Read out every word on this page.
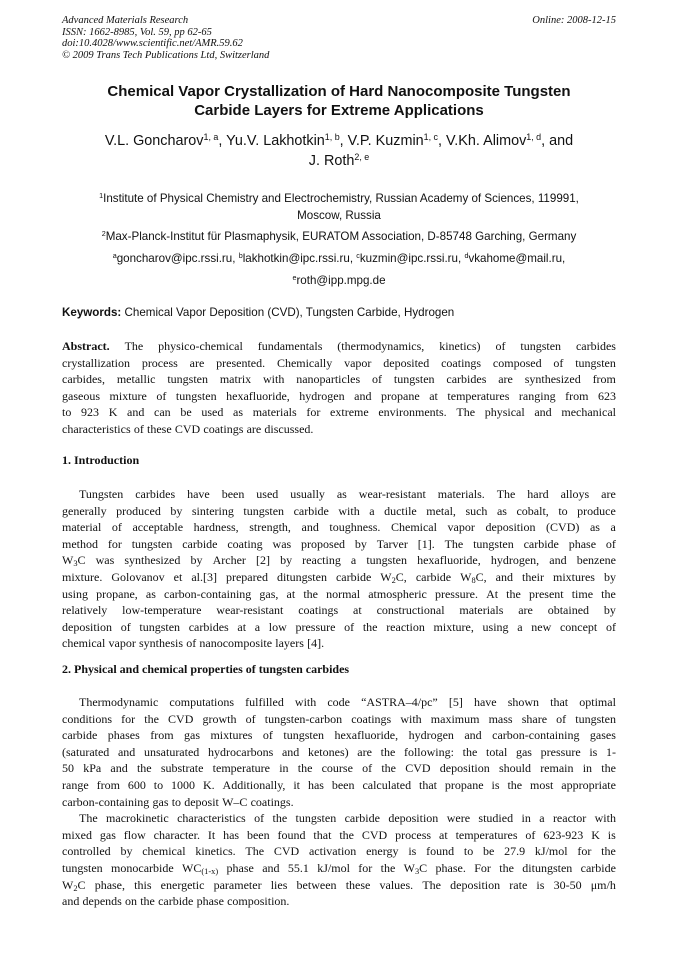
Advanced Materials Research
ISSN: 1662-8985, Vol. 59, pp 62-65
doi:10.4028/www.scientific.net/AMR.59.62
© 2009 Trans Tech Publications Ltd, Switzerland
Online: 2008-12-15
Chemical Vapor Crystallization of Hard Nanocomposite Tungsten
Carbide Layers for Extreme Applications
V.L. Goncharov$^{1, a}$, Yu.V. Lakhotkin$^{1, b}$, V.P. Kuzmin$^{1, c}$, V.Kh. Alimov$^{1, d}$, and
J. Roth$^{2, e}$
$^1$Institute of Physical Chemistry and Electrochemistry, Russian Academy of Sciences, 119991,
Moscow, Russia
$^2$Max-Planck-Institut für Plasmaphysik, EURATOM Association, D-85748 Garching, Germany
$^a$goncharov@ipc.rssi.ru, $^b$lakhotkin@ipc.rssi.ru, $^c$kuzmin@ipc.rssi.ru, $^d$vkahome@mail.ru,
$^e$roth@ipp.mpg.de
Keywords: Chemical Vapor Deposition (CVD), Tungsten Carbide, Hydrogen
Abstract. The physico-chemical fundamentals (thermodynamics, kinetics) of tungsten carbides
crystallization process are presented. Chemically vapor deposited coatings composed of tungsten
carbides, metallic tungsten matrix with nanoparticles of tungsten carbides are synthesized from
gaseous mixture of tungsten hexafluoride, hydrogen and propane at temperatures ranging from 623
to 923 K and can be used as materials for extreme environments. The physical and mechanical
characteristics of these CVD coatings are discussed.
1. Introduction
Tungsten carbides have been used usually as wear-resistant materials. The hard alloys are
generally produced by sintering tungsten carbide with a ductile metal, such as cobalt, to produce
material of acceptable hardness, strength, and toughness. Chemical vapor deposition (CVD) as a
method for tungsten carbide coating was proposed by Tarver [1]. The tungsten carbide phase of
$W_3C$ was synthesized by Archer [2] by reacting a tungsten hexafluoride, hydrogen, and benzene
mixture. Golovanov et al.[3] prepared ditungsten carbide $W_2C$, carbide $W_8C$, and their mixtures by
using propane, as carbon-containing gas, at the normal atmospheric pressure. At the present time the
relatively low-temperature wear-resistant coatings at constructional materials are obtained by
deposition of tungsten carbides at a low pressure of the reaction mixture, using a new concept of
chemical vapor synthesis of nanocomposite layers [4].
2. Physical and chemical properties of tungsten carbides
Thermodynamic computations fulfilled with code “ASTRA–4/pc” [5] have shown that optimal
conditions for the CVD growth of tungsten-carbon coatings with maximum mass share of tungsten
carbide phases from gas mixtures of tungsten hexafluoride, hydrogen and carbon-containing gases
(saturated and unsaturated hydrocarbons and ketones) are the following: the total gas pressure is 1-
50 kPa and the substrate temperature in the course of the CVD deposition should remain in the
range from 600 to 1000 K. Additionally, it has been calculated that propane is the most appropriate
carbon-containing gas to deposit W–C coatings.
The macrokinetic characteristics of the tungsten carbide deposition were studied in a reactor with
mixed gas flow character. It has been found that the CVD process at temperatures of 623-923 K is
controlled by chemical kinetics. The CVD activation energy is found to be 27.9 kJ/mol for the
tungsten monocarbide $WC_{(1-x)}$ phase and 55.1 kJ/mol for the $W_3C$ phase. For the ditungsten carbide
$W_2C$ phase, this energetic parameter lies between these values. The deposition rate is 30-50 μm/h
and depends on the carbide phase composition.
